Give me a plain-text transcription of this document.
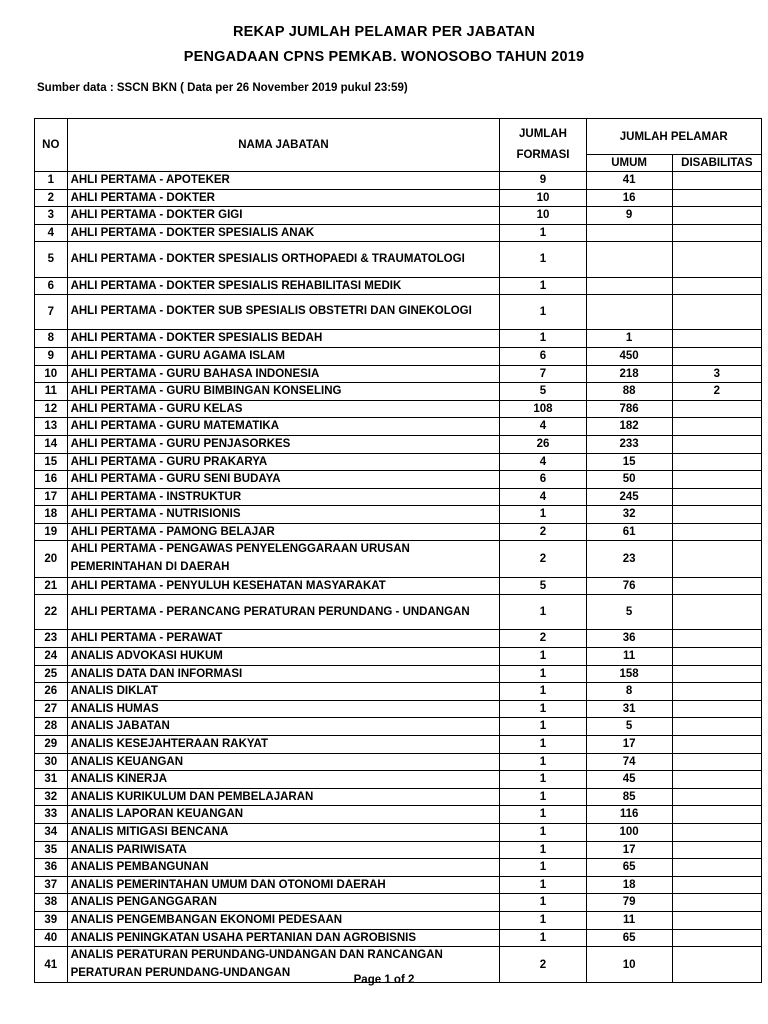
REKAP JUMLAH PELAMAR PER JABATAN
PENGADAAN CPNS PEMKAB. WONOSOBO TAHUN 2019
Sumber data : SSCN BKN ( Data per 26 November 2019 pukul 23:59)
NO	NAMA JABATAN	JUMLAH
FORMASI	JUMLAH PELAMAR	
			UMUM	DISABILITAS
1	AHLI PERTAMA - APOTEKER	9	41	
2	AHLI PERTAMA - DOKTER	10	16	
3	AHLI PERTAMA - DOKTER GIGI	10	9	
4	AHLI PERTAMA - DOKTER SPESIALIS ANAK	1		
5	AHLI PERTAMA - DOKTER SPESIALIS ORTHOPAEDI & TRAUMATOLOGI	1		
6	AHLI PERTAMA - DOKTER SPESIALIS REHABILITASI MEDIK	1		
7	AHLI PERTAMA - DOKTER SUB SPESIALIS OBSTETRI DAN GINEKOLOGI	1		
8	AHLI PERTAMA - DOKTER SPESIALIS BEDAH	1	1	
9	AHLI PERTAMA - GURU AGAMA ISLAM	6	450	
10	AHLI PERTAMA - GURU BAHASA INDONESIA	7	218	3
11	AHLI PERTAMA - GURU BIMBINGAN KONSELING	5	88	2
12	AHLI PERTAMA - GURU KELAS	108	786	
13	AHLI PERTAMA - GURU MATEMATIKA	4	182	
14	AHLI PERTAMA - GURU PENJASORKES	26	233	
15	AHLI PERTAMA - GURU PRAKARYA	4	15	
16	AHLI PERTAMA - GURU SENI BUDAYA	6	50	
17	AHLI PERTAMA - INSTRUKTUR	4	245	
18	AHLI PERTAMA - NUTRISIONIS	1	32	
19	AHLI PERTAMA - PAMONG BELAJAR	2	61	
20	AHLI PERTAMA - PENGAWAS PENYELENGGARAAN URUSAN PEMERINTAHAN DI DAERAH	2	23	
21	AHLI PERTAMA - PENYULUH KESEHATAN MASYARAKAT	5	76	
22	AHLI PERTAMA - PERANCANG PERATURAN PERUNDANG - UNDANGAN	1	5	
23	AHLI PERTAMA - PERAWAT	2	36	
24	ANALIS ADVOKASI HUKUM	1	11	
25	ANALIS DATA DAN INFORMASI	1	158	
26	ANALIS DIKLAT	1	8	
27	ANALIS HUMAS	1	31	
28	ANALIS JABATAN	1	5	
29	ANALIS KESEJAHTERAAN RAKYAT	1	17	
30	ANALIS KEUANGAN	1	74	
31	ANALIS KINERJA	1	45	
32	ANALIS KURIKULUM DAN PEMBELAJARAN	1	85	
33	ANALIS LAPORAN KEUANGAN	1	116	
34	ANALIS MITIGASI BENCANA	1	100	
35	ANALIS PARIWISATA	1	17	
36	ANALIS PEMBANGUNAN	1	65	
37	ANALIS PEMERINTAHAN UMUM DAN OTONOMI DAERAH	1	18	
38	ANALIS PENGANGGARAN	1	79	
39	ANALIS PENGEMBANGAN EKONOMI PEDESAAN	1	11	
40	ANALIS PENINGKATAN USAHA PERTANIAN DAN AGROBISNIS	1	65	
41	ANALIS PERATURAN PERUNDANG-UNDANGAN DAN RANCANGAN PERATURAN PERUNDANG-UNDANGAN	2	10	
Page 1 of 2
